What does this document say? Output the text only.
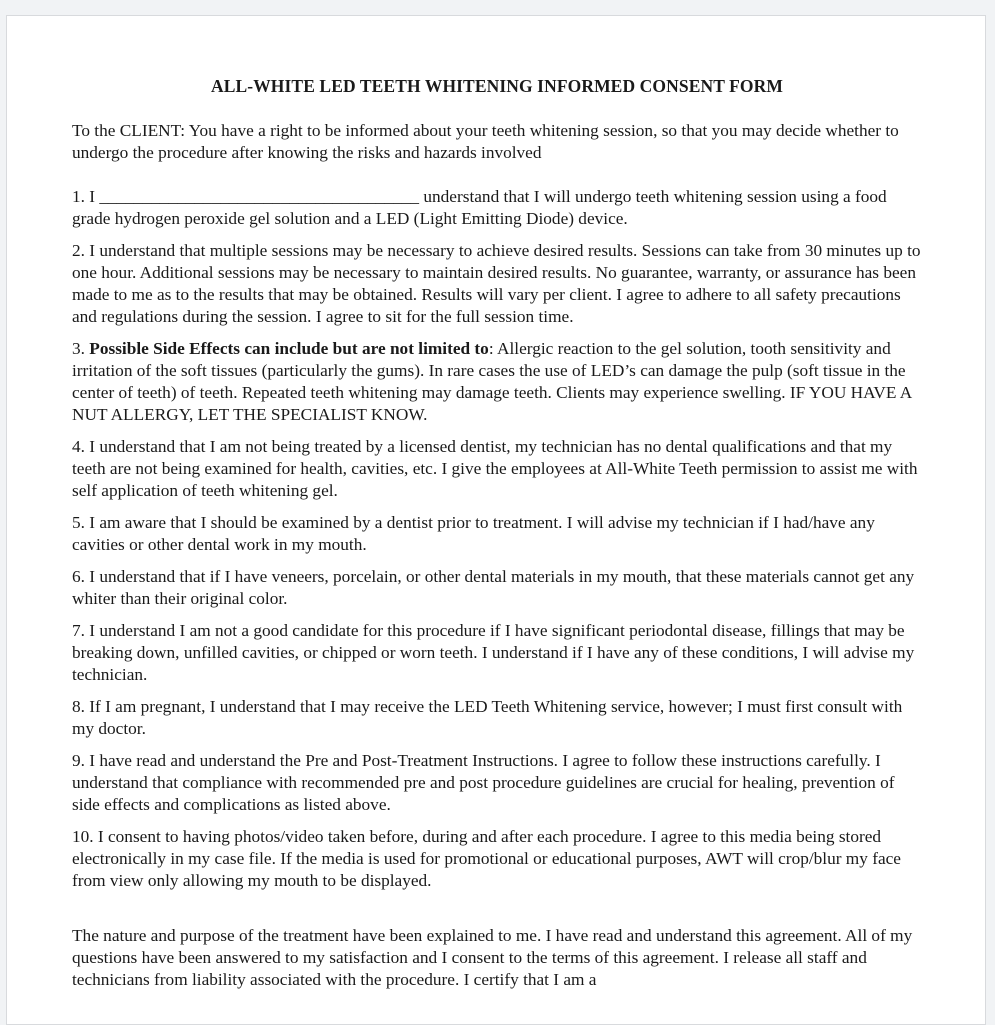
ALL-WHITE LED TEETH WHITENING INFORMED CONSENT FORM

To the CLIENT: You have a right to be informed about your teeth whitening session, so that you may decide whether to undergo the procedure after knowing the risks and hazards involved

1. I _____________________________________ understand that I will undergo teeth whitening session using a food grade hydrogen peroxide gel solution and a LED (Light Emitting Diode) device.

2. I understand that multiple sessions may be necessary to achieve desired results. Sessions can take from 30 minutes up to one hour. Additional sessions may be necessary to maintain desired results. No guarantee, warranty, or assurance has been made to me as to the results that may be obtained. Results will vary per client. I agree to adhere to all safety precautions and regulations during the session. I agree to sit for the full session time.

3. Possible Side Effects can include but are not limited to: Allergic reaction to the gel solution, tooth sensitivity and irritation of the soft tissues (particularly the gums). In rare cases the use of LED’s can damage the pulp (soft tissue in the center of teeth) of teeth. Repeated teeth whitening may damage teeth. Clients may experience swelling. IF YOU HAVE A NUT ALLERGY, LET THE SPECIALIST KNOW.

4. I understand that I am not being treated by a licensed dentist, my technician has no dental qualifications and that my teeth are not being examined for health, cavities, etc. I give the employees at All-White Teeth permission to assist me with self application of teeth whitening gel.

5. I am aware that I should be examined by a dentist prior to treatment. I will advise my technician if I had/have any cavities or other dental work in my mouth.

6. I understand that if I have veneers, porcelain, or other dental materials in my mouth, that these materials cannot get any whiter than their original color.

7. I understand I am not a good candidate for this procedure if I have significant periodontal disease, fillings that may be breaking down, unfilled cavities, or chipped or worn teeth. I understand if I have any of these conditions, I will advise my technician.

8. If I am pregnant, I understand that I may receive the LED Teeth Whitening service, however; I must first consult with my doctor.

9. I have read and understand the Pre and Post-Treatment Instructions. I agree to follow these instructions carefully. I understand that compliance with recommended pre and post procedure guidelines are crucial for healing, prevention of side effects and complications as listed above.

10. I consent to having photos/video taken before, during and after each procedure. I agree to this media being stored electronically in my case file. If the media is used for promotional or educational purposes, AWT will crop/blur my face from view only allowing my mouth to be displayed.

The nature and purpose of the treatment have been explained to me. I have read and understand this agreement. All of my questions have been answered to my satisfaction and I consent to the terms of this agreement. I release all staff and technicians from liability associated with the procedure. I certify that I am a
